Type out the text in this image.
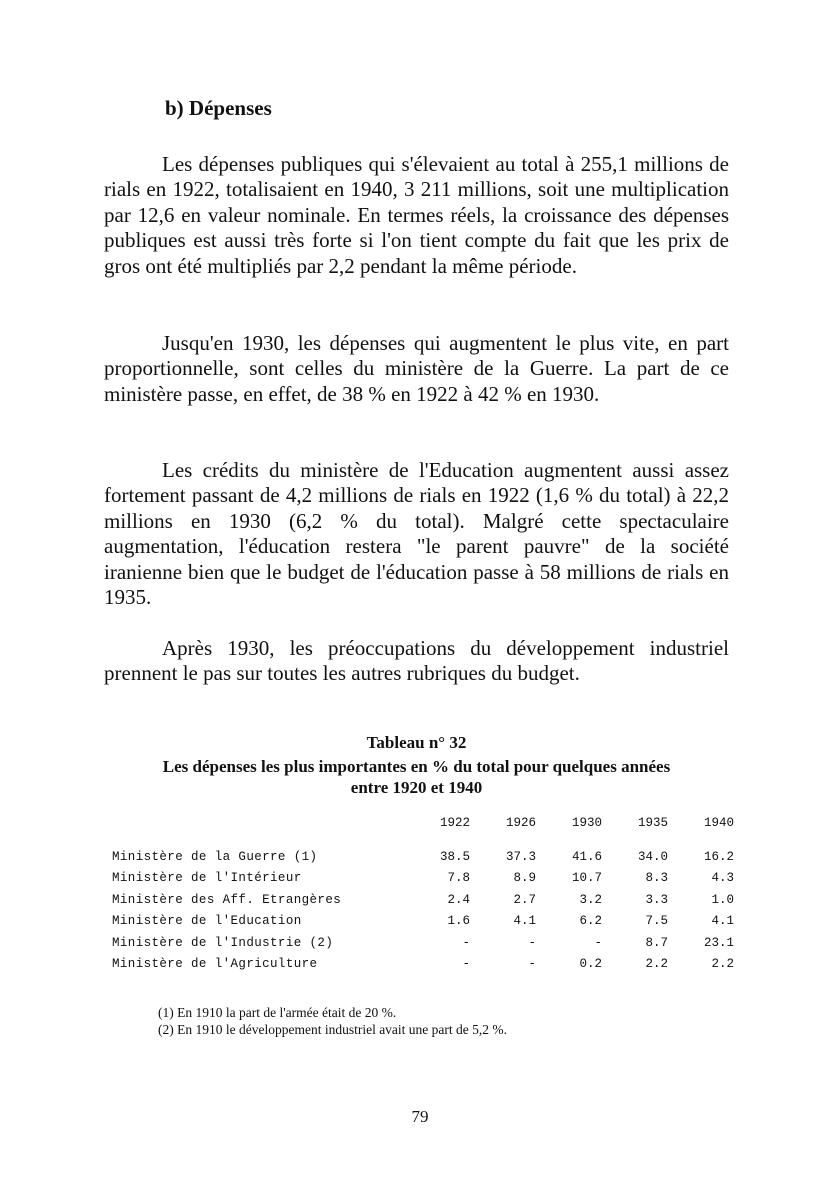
b) Dépenses

Les dépenses publiques qui s'élevaient au total à 255,1 millions de rials en 1922, totalisaient en 1940, 3 211 millions, soit une multiplication par 12,6 en valeur nominale. En termes réels, la croissance des dépenses publiques est aussi très forte si l'on tient compte du fait que les prix de gros ont été multipliés par 2,2 pendant la même période.

Jusqu'en 1930, les dépenses qui augmentent le plus vite, en part proportionnelle, sont celles du ministère de la Guerre. La part de ce ministère passe, en effet, de 38 % en 1922 à 42 % en 1930.

Les crédits du ministère de l'Education augmentent aussi assez fortement passant de 4,2 millions de rials en 1922 (1,6 % du total) à 22,2 millions en 1930 (6,2 % du total). Malgré cette spectaculaire augmentation, l'éducation restera "le parent pauvre" de la société iranienne bien que le budget de l'éducation passe à 58 millions de rials en 1935.

Après 1930, les préoccupations du développement industriel prennent le pas sur toutes les autres rubriques du budget.

Tableau n° 32
Les dépenses les plus importantes en % du total pour quelques années
entre 1920 et 1940
	1922	1926	1930	1935	1940
Ministère de la Guerre (1)	38.5	37.3	41.6	34.0	16.2
Ministère de l'Intérieur	7.8	8.9	10.7	8.3	4.3
Ministère des Aff. Etrangères	2.4	2.7	3.2	3.3	1.0
Ministère de l'Education	1.6	4.1	6.2	7.5	4.1
Ministère de l'Industrie (2)	-	-	-	8.7	23.1
Ministère de l'Agriculture	-	-	0.2	2.2	2.2
(1) En 1910 la part de l'armée était de 20 %.
(2) En 1910 le développement industriel avait une part de 5,2 %.
79
